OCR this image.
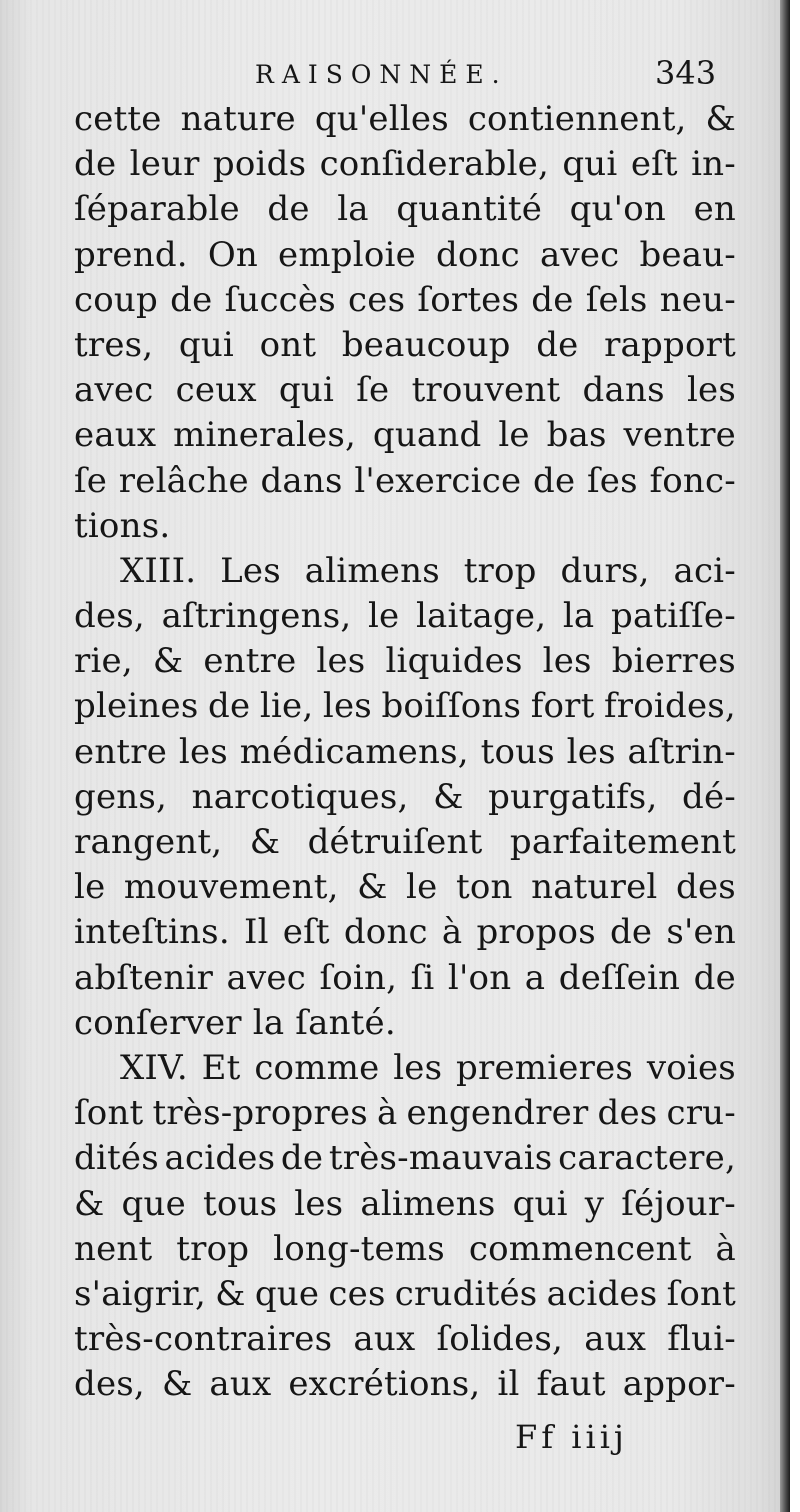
RAISONNÉE.	343
cette nature qu'elles contiennent, &
de leur poids conſiderable, qui eſt in-
ſéparable de la quantité qu'on en
prend. On emploie donc avec beau-
coup de ſuccès ces ſortes de ſels neu-
tres, qui ont beaucoup de rapport
avec ceux qui ſe trouvent dans les
eaux minerales, quand le bas ventre
ſe relâche dans l'exercice de ſes fonc-
tions.
XIII. Les alimens trop durs, aci-
des, aſtringens, le laitage, la patiſſe-
rie, & entre les liquides les bierres
pleines de lie, les boiſſons fort froides,
entre les médicamens, tous les aſtrin-
gens, narcotiques, & purgatifs, dé-
rangent, & détruiſent parfaitement
le mouvement, & le ton naturel des
inteſtins. Il eſt donc à propos de s'en
abſtenir avec ſoin, ſi l'on a deſſein de
conſerver la ſanté.
XIV. Et comme les premieres voies
ſont très-propres à engendrer des cru-
dités acides de très-mauvais caractere,
& que tous les alimens qui y ſéjour-
nent trop long-tems commencent à
s'aigrir, & que ces crudités acides ſont
très-contraires aux ſolides, aux flui-
des, & aux excrétions, il faut appor-
Ff iiij
